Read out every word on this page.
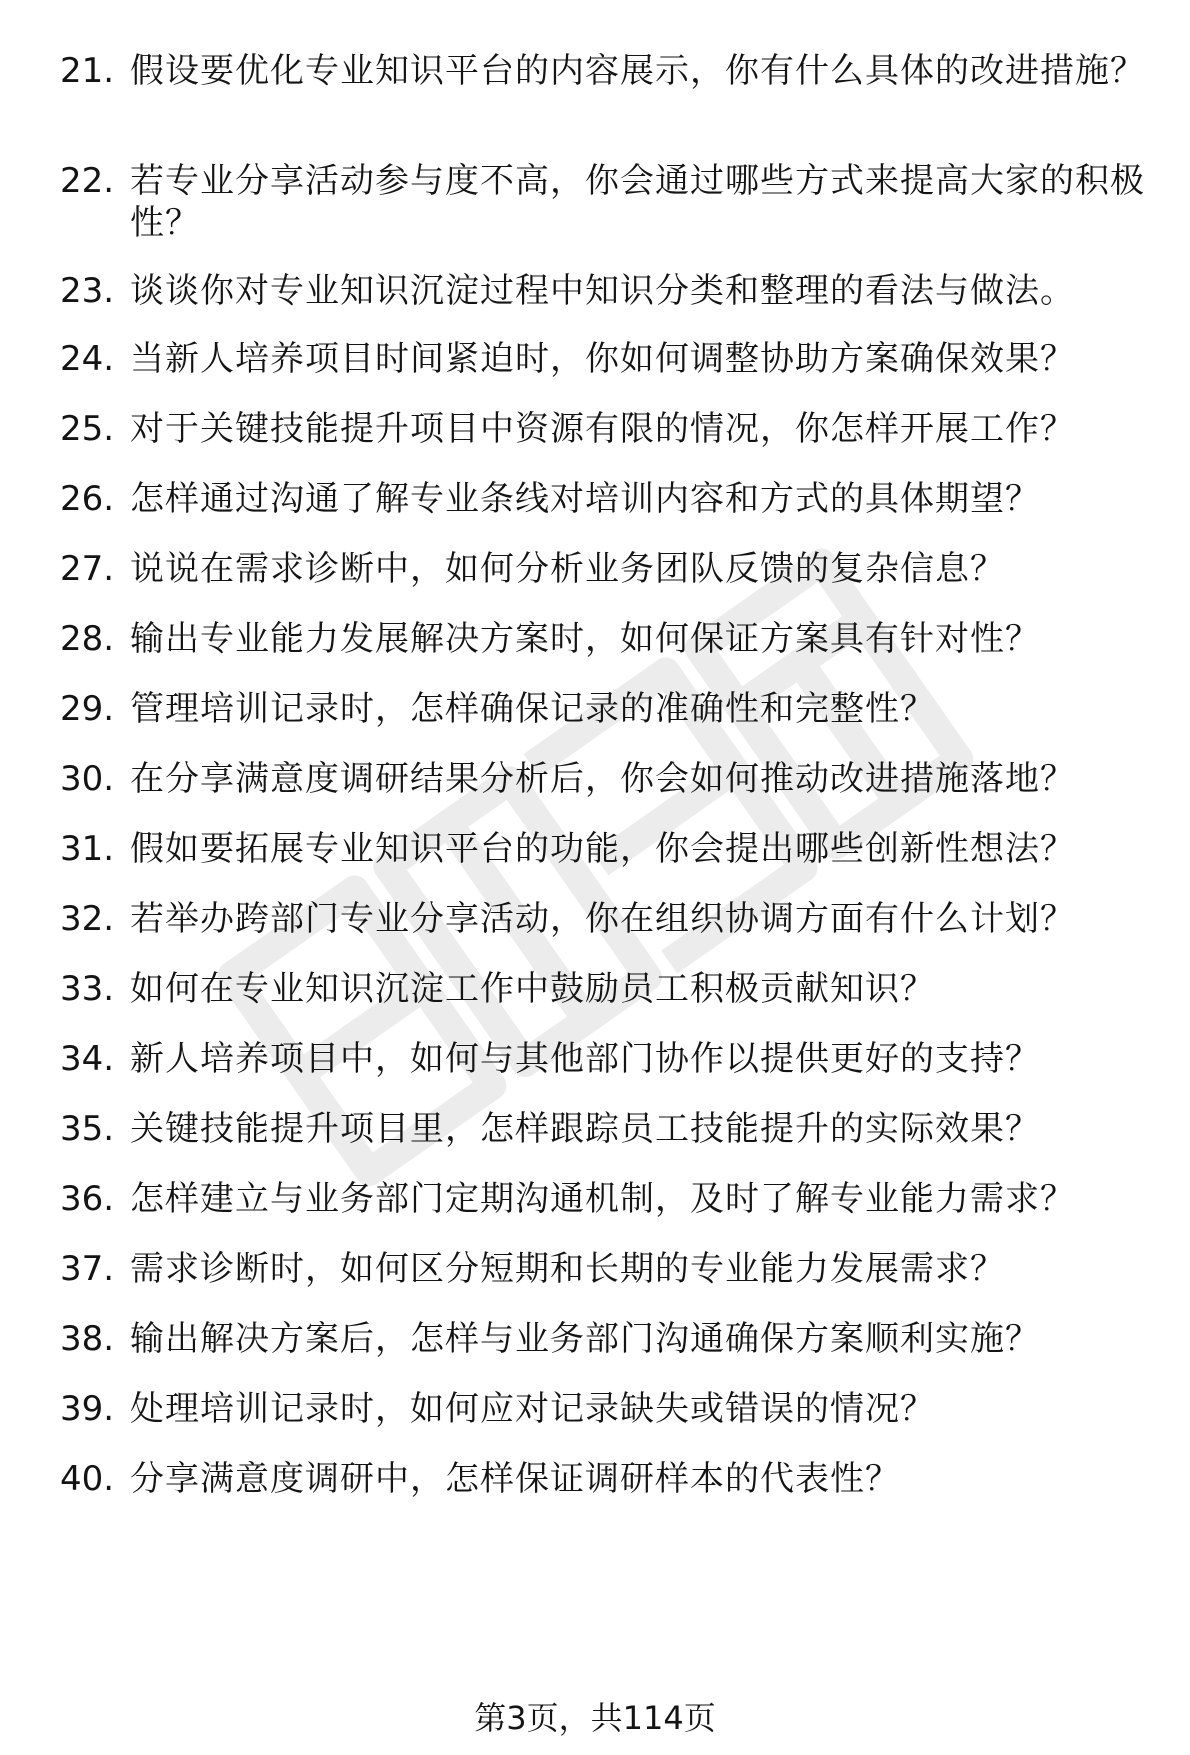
21. 假设要优化专业知识平台的内容展示，你有什么具体的改进措施？
22. 若专业分享活动参与度不高，你会通过哪些方式来提高大家的积极性？
23. 谈谈你对专业知识沉淀过程中知识分类和整理的看法与做法。
24. 当新人培养项目时间紧迫时，你如何调整协助方案确保效果？
25. 对于关键技能提升项目中资源有限的情况，你怎样开展工作？
26. 怎样通过沟通了解专业条线对培训内容和方式的具体期望？
27. 说说在需求诊断中，如何分析业务团队反馈的复杂信息？
28. 输出专业能力发展解决方案时，如何保证方案具有针对性？
29. 管理培训记录时，怎样确保记录的准确性和完整性？
30. 在分享满意度调研结果分析后，你会如何推动改进措施落地？
31. 假如要拓展专业知识平台的功能，你会提出哪些创新性想法？
32. 若举办跨部门专业分享活动，你在组织协调方面有什么计划？
33. 如何在专业知识沉淀工作中鼓励员工积极贡献知识？
34. 新人培养项目中，如何与其他部门协作以提供更好的支持？
35. 关键技能提升项目里，怎样跟踪员工技能提升的实际效果？
36. 怎样建立与业务部门定期沟通机制，及时了解专业能力需求？
37. 需求诊断时，如何区分短期和长期的专业能力发展需求？
38. 输出解决方案后，怎样与业务部门沟通确保方案顺利实施？
39. 处理培训记录时，如何应对记录缺失或错误的情况？
40. 分享满意度调研中，怎样保证调研样本的代表性？
第3页，共114页
